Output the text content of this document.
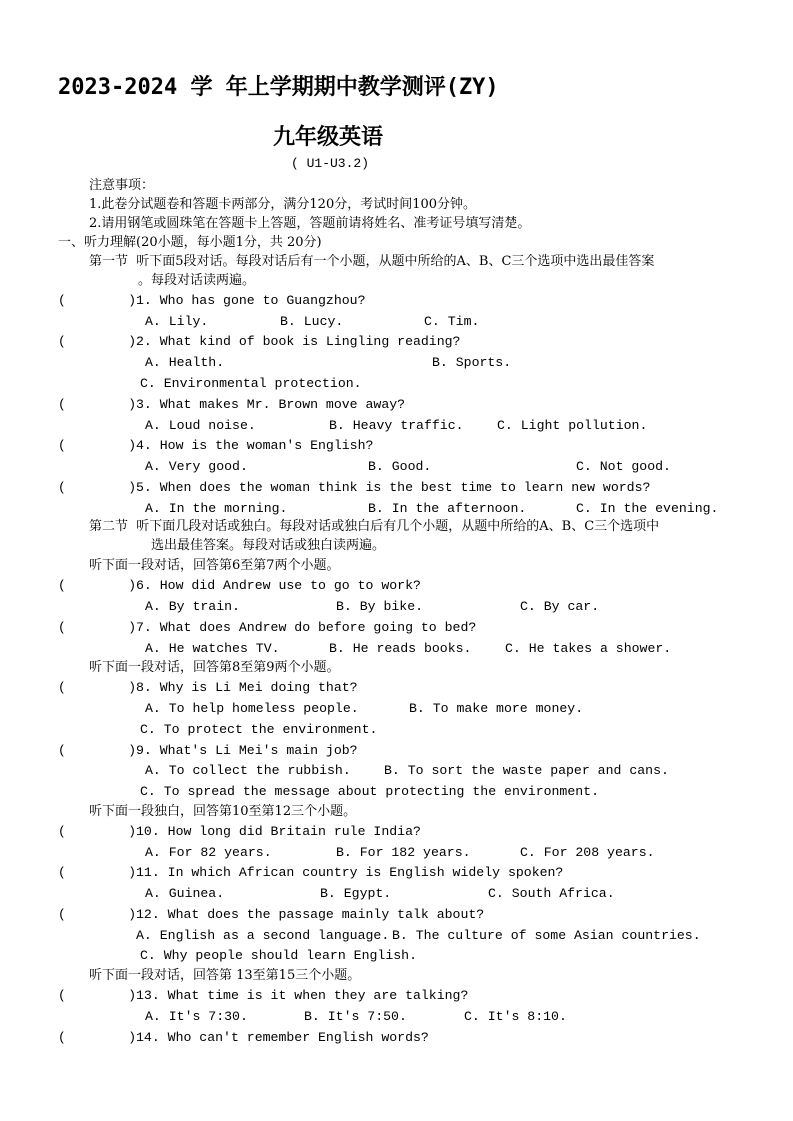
2023-2024 学 年上学期期中教学测评(ZY)
九年级英语
( U1-U3.2)
注意事项：
1.此卷分试题卷和答题卡两部分，满分120分，考试时间100分钟。
2.请用钢笔或圆珠笔在答题卡上答题，答题前请将姓名、准考证号填写清楚。
一、听力理解(20小题，每小题1分，共 20分)
第一节  听下面5段对话。每段对话后有一个小题，从题中所给的A、B、C三个选项中选出最佳答案
。每段对话读两遍。
(        ) 1. Who has gone to Guangzhou?
A. Lily.	B. Lucy.	C. Tim.
(        ) 2. What kind of book is Lingling reading?
A. Health.	B. Sports.
C. Environmental protection.
(        ) 3. What makes Mr. Brown move away?
A. Loud noise.	B. Heavy traffic.	C. Light pollution.
(        ) 4. How is the woman's English?
A. Very good.	B. Good.	C. Not good.
(        ) 5. When does the woman think is the best time to learn new words?
A. In the morning.	B. In the afternoon.	C. In the evening.
第二节  听下面几段对话或独白。每段对话或独白后有几个小题，从题中所给的A、B、C三个选项中
选出最佳答案。每段对话或独白读两遍。
听下面一段对话，回答第6至第7两个小题。
(        ) 6. How did Andrew use to go to work?
A. By train.	B. By bike.	C. By car.
(        ) 7. What does Andrew do before going to bed?
A. He watches TV.	B. He reads books.	C. He takes a shower.
听下面一段对话，回答第8至第9两个小题。
(        ) 8. Why is Li Mei doing that?
A. To help homeless people.	B. To make more money.
C. To protect the environment.
(        ) 9. What's Li Mei's main job?
A. To collect the rubbish.	B. To sort the waste paper and cans.
C. To spread the message about protecting the environment.
听下面一段独白，回答第10至第12三个小题。
(        ) 10. How long did Britain rule India?
A. For 82 years.	B. For 182 years.	C. For 208 years.
(        ) 11. In which African country is English widely spoken?
A. Guinea.	B. Egypt.	C. South Africa.
(        ) 12. What does the passage mainly talk about?
A. English as a second language. B. The culture of some Asian countries.
C. Why people should learn English.
听下面一段对话，回答第 13至第15三个小题。
(        ) 13. What time is it when they are talking?
A. It's 7:30.	B. It's 7:50.	C. It's 8:10.
(        ) 14. Who can't remember English words?
